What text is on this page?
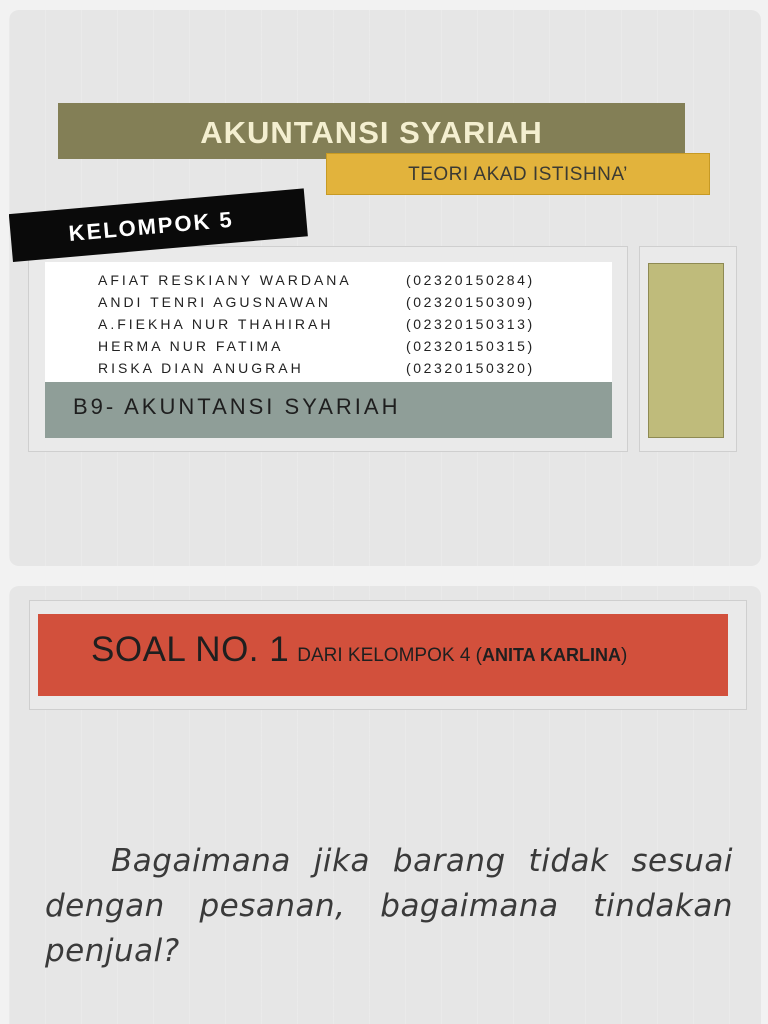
AKUNTANSI SYARIAH
TEORI AKAD ISTISHNA’
AFIAT RESKIANY WARDANA	(02320150284)
ANDI TENRI AGUSNAWAN	(02320150309)
A.FIEKHA NUR THAHIRAH	(02320150313)
HERMA NUR FATIMA	(02320150315)
RISKA DIAN ANUGRAH	(02320150320)
B9- AKUNTANSI SYARIAH
KELOMPOK 5
SOAL NO. 1 DARI KELOMPOK 4 (ANITA KARLINA)
Bagaimana jika barang tidak sesuai dengan pesanan, bagaimana tindakan penjual?
